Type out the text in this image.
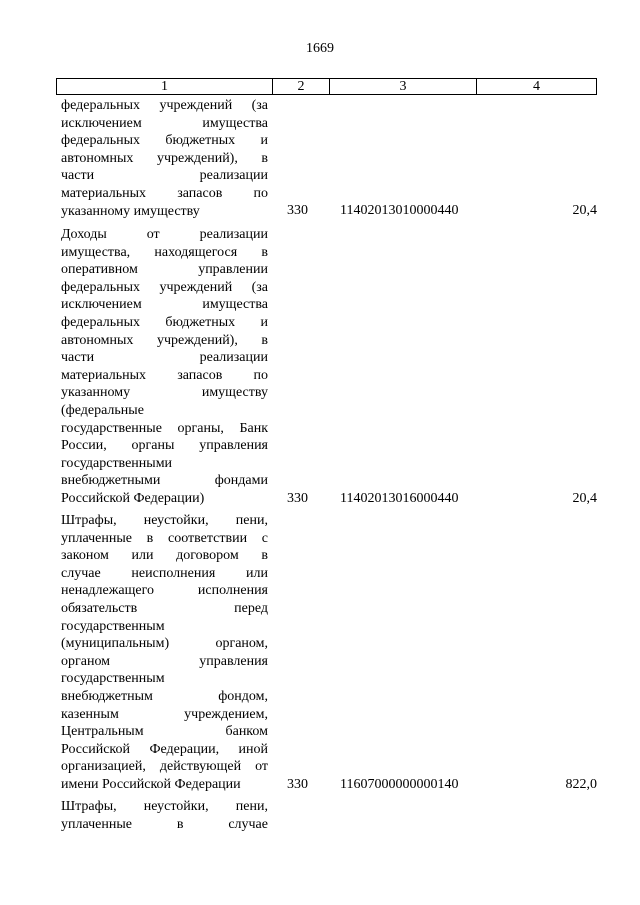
1669
1	2	3	4
федеральных учреждений (за
исключением имущества
федеральных бюджетных и
автономных учреждений), в
части реализации
материальных запасов по
указанному имуществу	330 11402013010000440	20,4
Доходы от реализации
имущества, находящегося в
оперативном управлении
федеральных учреждений (за
исключением имущества
федеральных бюджетных и
автономных учреждений), в
части реализации
материальных запасов по
указанному имуществу
(федеральные
государственные органы, Банк
России, органы управления
государственными
внебюджетными фондами
Российской Федерации)	330 11402013016000440	20,4
Штрафы, неустойки, пени,
уплаченные в соответствии с
законом или договором в
случае неисполнения или
ненадлежащего исполнения
обязательств перед
государственным
(муниципальным) органом,
органом управления
государственным
внебюджетным фондом,
казенным учреждением,
Центральным банком
Российской Федерации, иной
организацией, действующей от
имени Российской Федерации	330 11607000000000140	822,0
Штрафы, неустойки, пени,
уплаченные в случае
